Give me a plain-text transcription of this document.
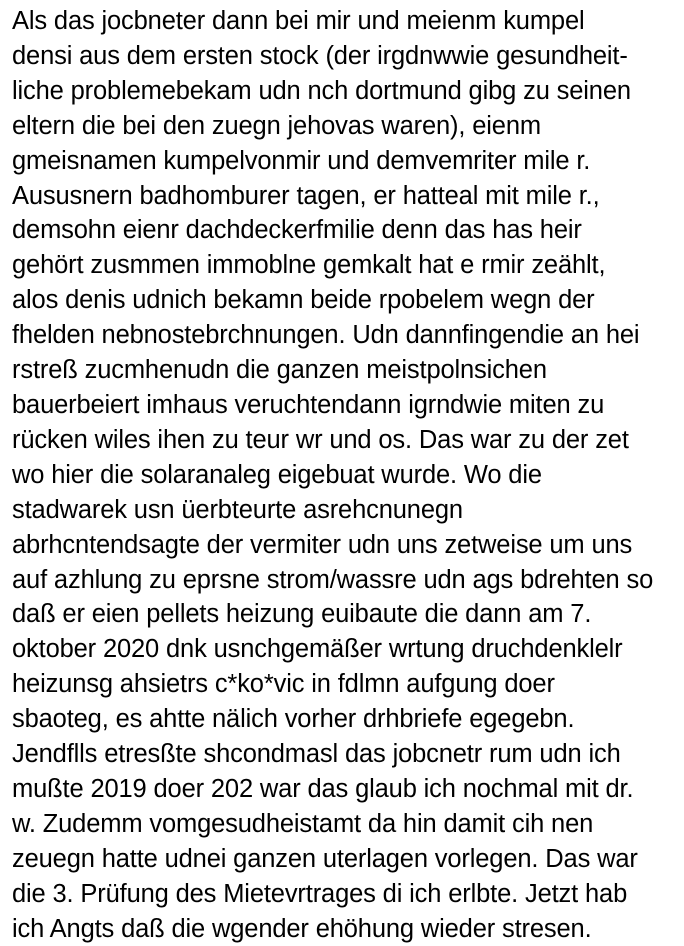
Als das jocbneter dann bei mir und meienm kumpel
densi aus dem ersten stock (der irgdnwwie gesundheit-
liche problemebekam udn nch dortmund gibg zu seinen
eltern die bei den zuegn jehovas waren), eienm
gmeisnamen kumpelvonmir und demvemriter mile r.
Aususnern badhomburer tagen, er hatteal mit mile r.,
demsohn eienr dachdeckerfmilie denn das has heir
gehört zusmmen immoblne gemkalt hat e rmir zeählt,
alos denis udnich bekamn beide rpobelem wegn der
fhelden nebnostebrchnungen. Udn dannfingendie an hei
rstreß zucmhenudn die ganzen meistpolnsichen
bauerbeiert imhaus veruchtendann igrndwie miten zu
rücken wiles ihen zu teur wr und os. Das war zu der zet
wo hier die solaranaleg eigebuat wurde. Wo die
stadwarek usn üerbteurte asrehcnunegn
abrhcntendsagte der vermiter udn uns zetweise um uns
auf azhlung zu eprsne strom/wassre udn ags bdrehten so
daß er eien pellets heizung euibaute die dann am 7.
oktober 2020 dnk usnchgemäßer wrtung druchdenklelr
heizunsg ahsietrs c*ko*vic in fdlmn aufgung doer
sbaoteg, es ahtte nälich vorher drhbriefe egegebn.
Jendflls etresßte shcondmasl das jobcnetr rum udn ich
mußte 2019 doer 202 war das glaub ich nochmal mit dr.
w. Zudemm vomgesudheistamt da hin damit cih nen
zeuegn hatte udnei ganzen uterlagen vorlegen. Das war
die 3. Prüfung des Mietevrtrages di ich erlbte. Jetzt hab
ich Angts daß die wgender ehöhung wieder stresen.
